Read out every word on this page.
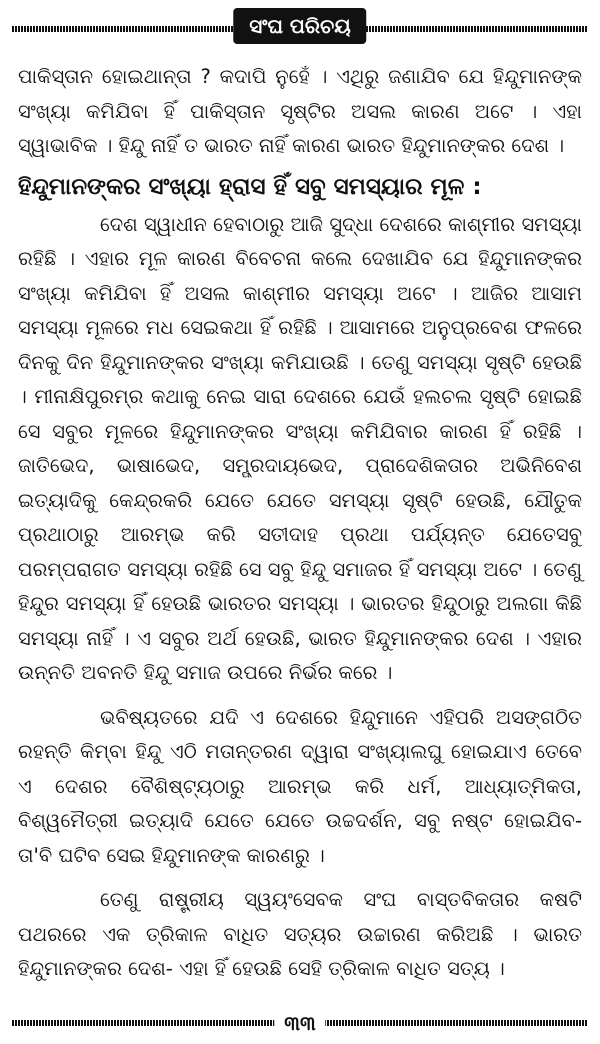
ସଂଘ ପରିଚୟ

ପାକିସ୍ତାନ ହୋଇଥାନ୍ତା ? କଦାପି ନୁହେଁ । ଏଥିରୁ ଜଣାଯିବ ଯେ ହିନ୍ଦୁମାନଙ୍କ ସଂଖ୍ୟା କମିଯିବା ହିଁ ପାକିସ୍ତାନ ସୃଷ୍ଟିର ଅସଲ କାରଣ ଅଟେ । ଏହା ସ୍ୱାଭାବିକ । ହିନ୍ଦୁ ନାହିଁ ତ ଭାରତ ନାହିଁ କାରଣ ଭାରତ ହିନ୍ଦୁମାନଙ୍କର ଦେଶ ।

ହିନ୍ଦୁମାନଙ୍କର ସଂଖ୍ୟା ହ୍ରାସ ହିଁ ସବୁ ସମସ୍ୟାର ମୂଳ :

ଦେଶ ସ୍ୱାଧୀନ ହେବାଠାରୁ ଆଜି ସୁଦ୍ଧା ଦେଶରେ କାଶ୍ମୀର ସମସ୍ୟା ରହିଛି । ଏହାର ମୂଳ କାରଣ ବିବେଚନା କଲେ ଦେଖାଯିବ ଯେ ହିନ୍ଦୁମାନଙ୍କର ସଂଖ୍ୟା କମିଯିବା ହିଁ ଅସଲ କାଶ୍ମୀର ସମସ୍ୟା ଅଟେ । ଆଜିର ଆସାମ ସମସ୍ୟା ମୂଳରେ ମଧ ସେଇକଥା ହିଁ ରହିଛି । ଆସାମରେ ଅନୁପ୍ରବେଶ ଫଳରେ ଦିନକୁ ଦିନ ହିନ୍ଦୁମାନଙ୍କର ସଂଖ୍ୟା କମିଯାଉଛି । ତେଣୁ ସମସ୍ୟା ସୃଷ୍ଟି ହେଉଛି । ମୀନାକ୍ଷିପୁରମ୍‌ର କଥାକୁ ନେଇ ସାରା ଦେଶରେ ଯେଉଁ ହଲଚଲ ସୃଷ୍ଟି ହୋଇଛି ସେ ସବୁର ମୂଳରେ ହିନ୍ଦୁମାନଙ୍କର ସଂଖ୍ୟା କମିଯିବାର କାରଣ ହିଁ ରହିଛି । ଜାତିଭେଦ, ଭାଷାଭେଦ, ସମ୍ପ୍ରଦାୟଭେଦ, ପ୍ରାଦେଶିକତାର ଅଭିନିବେଶ ଇତ୍ୟାଦିକୁ କେନ୍ଦ୍ରକରି ଯେତେ ଯେତେ ସମସ୍ୟା ସୃଷ୍ଟି ହେଉଛି, ଯୌତୁକ ପ୍ରଥାଠାରୁ ଆରମ୍ଭ କରି ସତୀଦାହ ପ୍ରଥା ପର୍ଯ୍ୟନ୍ତ ଯେତେସବୁ ପରମ୍ପରାଗତ ସମସ୍ୟା ରହିଛି ସେ ସବୁ ହିନ୍ଦୁ ସମାଜର ହିଁ ସମସ୍ୟା ଅଟେ । ତେଣୁ ହିନ୍ଦୁର ସମସ୍ୟା ହିଁ ହେଉଛି ଭାରତର ସମସ୍ୟା । ଭାରତର ହିନ୍ଦୁଠାରୁ ଅଲଗା କିଛି ସମସ୍ୟା ନାହିଁ । ଏ ସବୁର ଅର୍ଥ ହେଉଛି, ଭାରତ ହିନ୍ଦୁମାନଙ୍କର ଦେଶ । ଏହାର ଉନ୍ନତି ଅବନତି ହିନ୍ଦୁ ସମାଜ ଉପରେ ନିର୍ଭର କରେ ।

ଭବିଷ୍ୟତରେ ଯଦି ଏ ଦେଶରେ ହିନ୍ଦୁମାନେ ଏହିପରି ଅସଙ୍ଗଠିତ ରହନ୍ତି କିମ୍ବା ହିନ୍ଦୁ ଏଠି ମତାନ୍ତରଣ ଦ୍ୱାରା ସଂଖ୍ୟାଲଘୁ ହୋଇଯାଏ ତେବେ ଏ ଦେଶର ବୈଶିଷ୍ଟ୍ୟଠାରୁ ଆରମ୍ଭ କରି ଧର୍ମ, ଆଧ୍ୟାତ୍ମିକତା, ବିଶ୍ୱମୈତ୍ରୀ ଇତ୍ୟାଦି ଯେତେ ଯେତେ ଉଚ୍ଚଦର୍ଶନ, ସବୁ ନଷ୍ଟ ହୋଇଯିବ- ତା'ବି ଘଟିବ ସେଇ ହିନ୍ଦୁମାନଙ୍କ କାରଣରୁ ।

ତେଣୁ ରାଷ୍ଟ୍ରୀୟ ସ୍ୱୟଂସେବକ ସଂଘ ବାସ୍ତବିକତାର କଷଟି ପଥରରେ ଏକ ତ୍ରିକାଳ ବାଧିତ ସତ୍ୟର ଉଚ୍ଚାରଣ କରିଅଛି । ଭାରତ ହିନ୍ଦୁମାନଙ୍କର ଦେଶ- ଏହା ହିଁ ହେଉଛି ସେହି ତ୍ରିକାଳ ବାଧିତ ସତ୍ୟ ।

୩୩
